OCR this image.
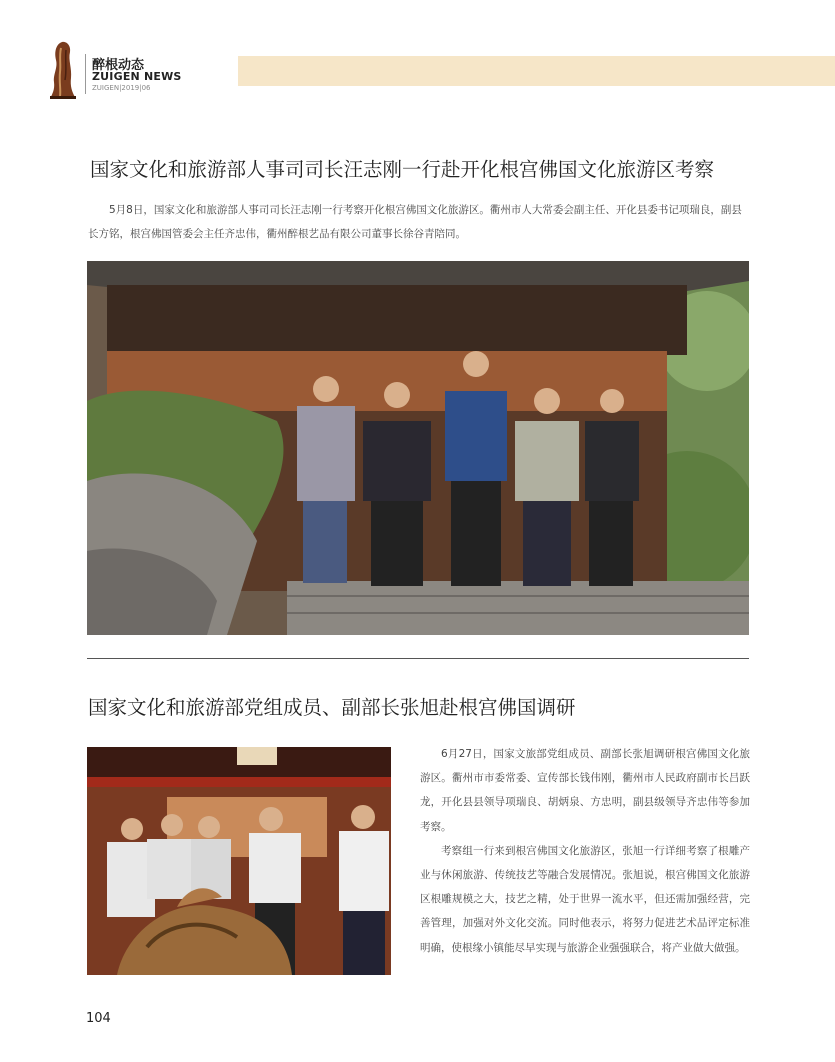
醉根动态
ZUIGEN NEWS
ZUIGEN|2019|06
国家文化和旅游部人事司司长汪志刚一行赴开化根宫佛国文化旅游区考察

5月8日，国家文化和旅游部人事司司长汪志刚一行考察开化根宫佛国文化旅游区。衢州市人大常委会副主任、开化县委书记项瑞良，副县长方铭，根宫佛国管委会主任齐忠伟，衢州醉根艺品有限公司董事长徐谷青陪同。

国家文化和旅游部党组成员、副部长张旭赴根宫佛国调研

6月27日，国家文旅部党组成员、副部长张旭调研根宫佛国文化旅游区。衢州市市委常委、宣传部长钱伟刚，衢州市人民政府副市长吕跃龙，开化县县领导项瑞良、胡炳泉、方忠明，副县级领导齐忠伟等参加考察。

考察组一行来到根宫佛国文化旅游区，张旭一行详细考察了根雕产业与休闲旅游、传统技艺等融合发展情况。张旭说，根宫佛国文化旅游区根雕规模之大，技艺之精，处于世界一流水平，但还需加强经营，完善管理，加强对外文化交流。同时他表示，将努力促进艺术品评定标准明确，使根缘小镇能尽早实现与旅游企业强强联合，将产业做大做强。

104
